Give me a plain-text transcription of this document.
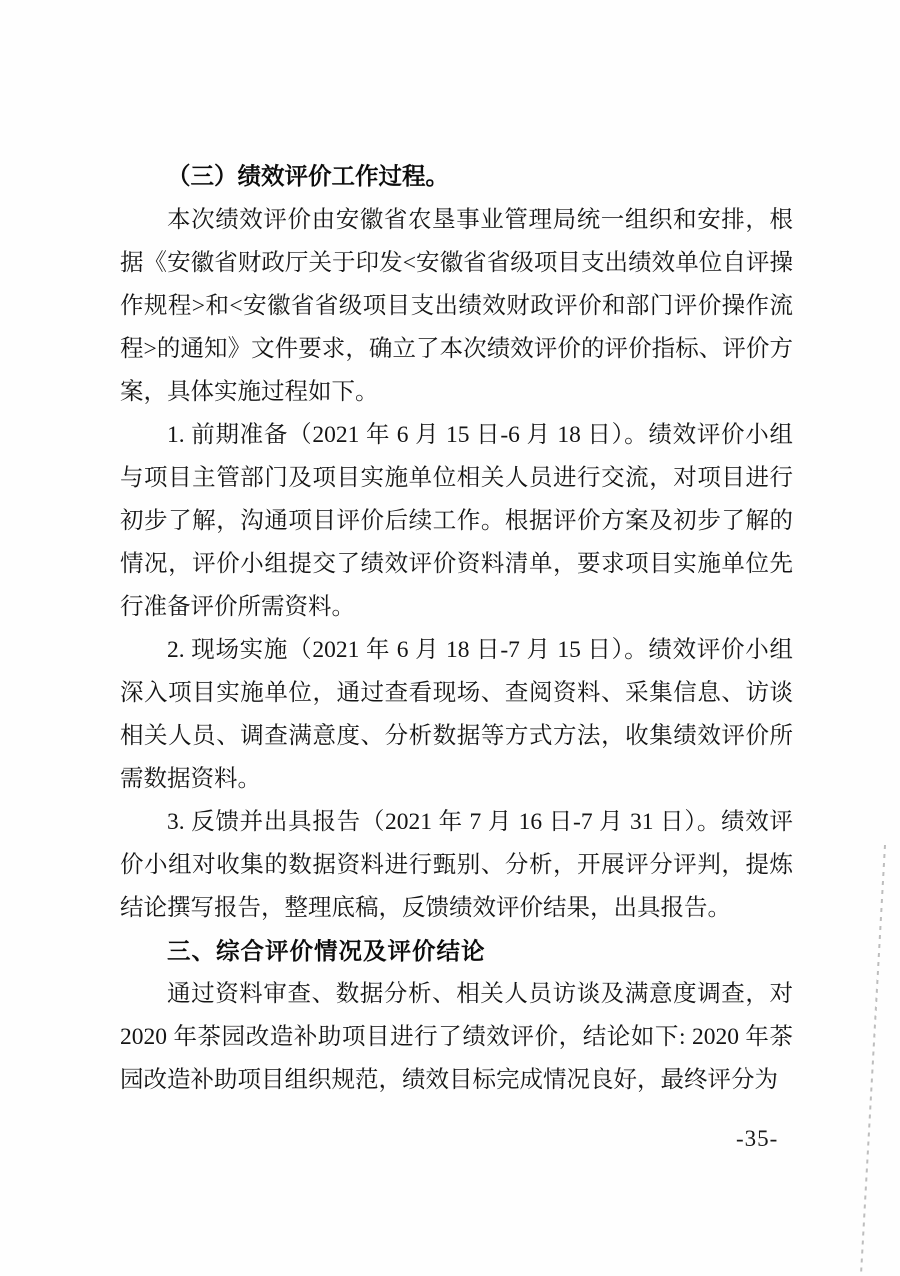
（三）绩效评价工作过程。

本次绩效评价由安徽省农垦事业管理局统一组织和安排，根据《安徽省财政厅关于印发<安徽省省级项目支出绩效单位自评操作规程>和<安徽省省级项目支出绩效财政评价和部门评价操作流程>的通知》文件要求，确立了本次绩效评价的评价指标、评价方案，具体实施过程如下。

1. 前期准备（2021 年 6 月 15 日-6 月 18 日）。绩效评价小组与项目主管部门及项目实施单位相关人员进行交流，对项目进行初步了解，沟通项目评价后续工作。根据评价方案及初步了解的情况，评价小组提交了绩效评价资料清单，要求项目实施单位先行准备评价所需资料。

2. 现场实施（2021 年 6 月 18 日-7 月 15 日）。绩效评价小组深入项目实施单位，通过查看现场、查阅资料、采集信息、访谈相关人员、调查满意度、分析数据等方式方法，收集绩效评价所需数据资料。

3. 反馈并出具报告（2021 年 7 月 16 日-7 月 31 日）。绩效评价小组对收集的数据资料进行甄别、分析，开展评分评判，提炼结论撰写报告，整理底稿，反馈绩效评价结果，出具报告。

三、综合评价情况及评价结论

通过资料审查、数据分析、相关人员访谈及满意度调查，对 2020 年茶园改造补助项目进行了绩效评价，结论如下: 2020 年茶园改造补助项目组织规范，绩效目标完成情况良好，最终评分为

-35-
